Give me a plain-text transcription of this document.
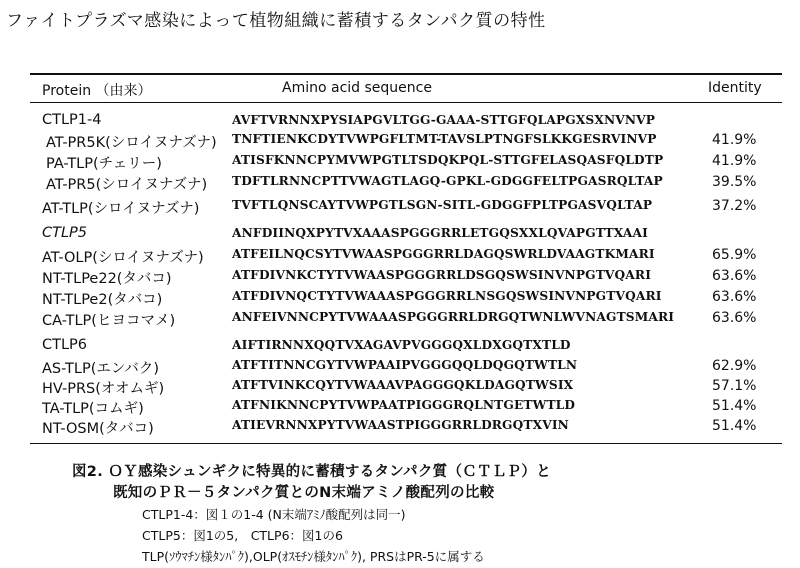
ファイトプラズマ感染によって植物組織に蓄積するタンパク質の特性
Protein （由来）	Amino acid sequence	Identity
CTLP1-4	AVFTVRNNXPYSIAPGVLTGG-GAAA-STTGFQLAPGXSXNVNVP
AT-PR5K(シロイヌナズナ) TNFTIENKCDYTVWPGFLTMT-TAVSLPTNGFSLKKGESRVINVP	41.9%
PA-TLP(チェリー)	ATISFKNNCPYMVWPGTLTSDQKPQL-STTGFELASQASFQLDTP	41.9%
AT-PR5(シロイヌナズナ) TDFTLRNNCPTTVWAGTLAGQ-GPKL-GDGGFELTPGASRQLTAP	39.5%
AT-TLP(シロイヌナズナ)	TVFTLQNSCAYTVWPGTLSGN-SITL-GDGGFPLTPGASVQLTAP	37.2%
CTLP5	ANFDIINQXPYTVXAAASPGGGRRLETGQSXXLQVAPGTTXAAI
AT-OLP(シロイヌナズナ) ATFEILNQCSYTVWAASPGGGRRLDAGQSWRLDVAAGTKMARI	65.9%
NT-TLPe22(タバコ)	ATFDIVNKCTYTVWAASPGGGRRLDSGQSWSINVNPGTVQARI	63.6%
NT-TLPe2(タバコ)	ATFDIVNQCTYTVWAAASPGGGRRLNSGQSWSINVNPGTVQARI	63.6%
CA-TLP(ヒヨコマメ)	ANFEIVNNCPYTVWAAASPGGGRRLDRGQTWNLWVNAGTSMARI	63.6%
CTLP6	AIFTIRNNXQQTVXAGAVPVGGGQXLDXGQTXTLD
AS-TLP(エンバク)	ATFTITNNCGYTVWPAAIPVGGGQQLDQGQTWTLN	62.9%
HV-PRS(オオムギ)	ATFTVINKCQYTVWAAAVPAGGGQKLDAGQTWSIX	57.1%
TA-TLP(コムギ)	ATFNIKNNCPYTVWPAATPIGGGRQLNTGETWTLD	51.4%
NT-OSM(タバコ)	ATIEVRNNXPYTVWAASTPIGGGRRLDRGQTXVIN	51.4%
図2. ＯＹ感染シュンギクに特異的に蓄積するタンパク質（ＣＴＬＰ）と
既知のＰＲ－５タンパク質とのN末端アミノ酸配列の比較
CTLP1-4：図１の1-4 (N末端ｱﾐﾉ酸配列は同一)
CTLP5：図1の5,　CTLP6：図1の6
TLP(ｿｳﾏﾁﾝ様ﾀﾝﾊﾟｸ),OLP(ｵｽﾓﾁﾝ様ﾀﾝﾊﾟｸ), PRSはPR-5に属する
